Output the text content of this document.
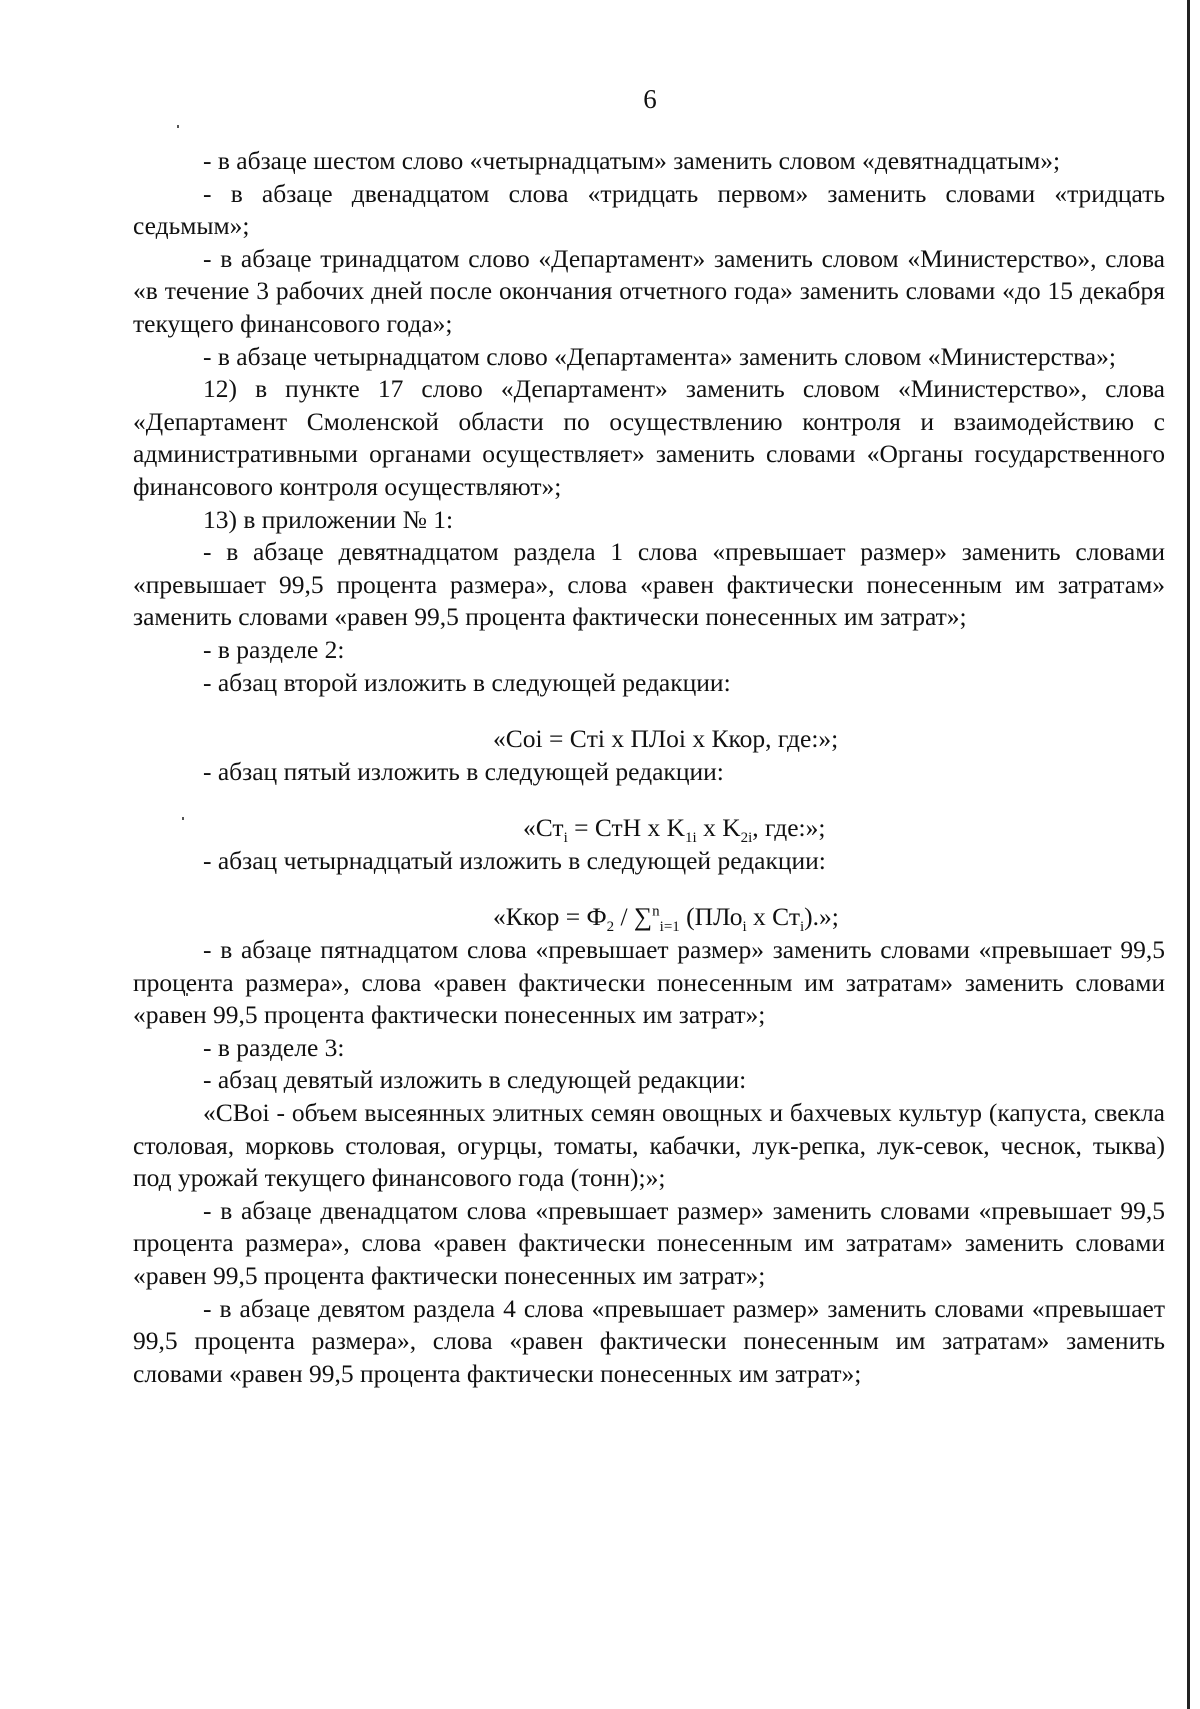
6

- в абзаце шестом слово «четырнадцатым» заменить словом «девятнадцатым»;

- в абзаце двенадцатом слова «тридцать первом» заменить словами «тридцать седьмым»;

- в абзаце тринадцатом слово «Департамент» заменить словом «Министерство», слова «в течение 3 рабочих дней после окончания отчетного года» заменить словами «до 15 декабря текущего финансового года»;

- в абзаце четырнадцатом слово «Департамента» заменить словом «Министерства»;

12) в пункте 17 слово «Департамент» заменить словом «Министерство», слова «Департамент Смоленской области по осуществлению контроля и взаимодействию с административными органами осуществляет» заменить словами «Органы государственного финансового контроля осуществляют»;

13) в приложении № 1:

- в абзаце девятнадцатом раздела 1 слова «превышает размер» заменить словами «превышает 99,5 процента размера», слова «равен фактически понесенным им затратам» заменить словами «равен 99,5 процента фактически понесенных им затрат»;

- в разделе 2:

- абзац второй изложить в следующей редакции:

«Coi = Cтi х ПЛoi х Ккор, где:»;

- абзац пятый изложить в следующей редакции:

«$Ст_i$ = СтН х $K_{1i}$ х $K_{2i}$, где:»;

- абзац четырнадцатый изложить в следующей редакции:

«Ккор = $Ф_2 / \sum^n_{i=1}$ (ПЛо$_i$ х $Ст_i$).»;

- в абзаце пятнадцатом слова «превышает размер» заменить словами «превышает 99,5 процента размера», слова «равен фактически понесенным им затратам» заменить словами «равен 99,5 процента фактически понесенных им затрат»;

- в разделе 3:

- абзац девятый изложить в следующей редакции:

«СВоi - объем высеянных элитных семян овощных и бахчевых культур (капуста, свекла столовая, морковь столовая, огурцы, томаты, кабачки, лук-репка, лук-севок, чеснок, тыква) под урожай текущего финансового года (тонн);»;

- в абзаце двенадцатом слова «превышает размер» заменить словами «превышает 99,5 процента размера», слова «равен фактически понесенным им затратам» заменить словами «равен 99,5 процента фактически понесенных им затрат»;

- в абзаце девятом раздела 4 слова «превышает размер» заменить словами «превышает 99,5 процента размера», слова «равен фактически понесенным им затратам» заменить словами «равен 99,5 процента фактически понесенных им затрат»;
